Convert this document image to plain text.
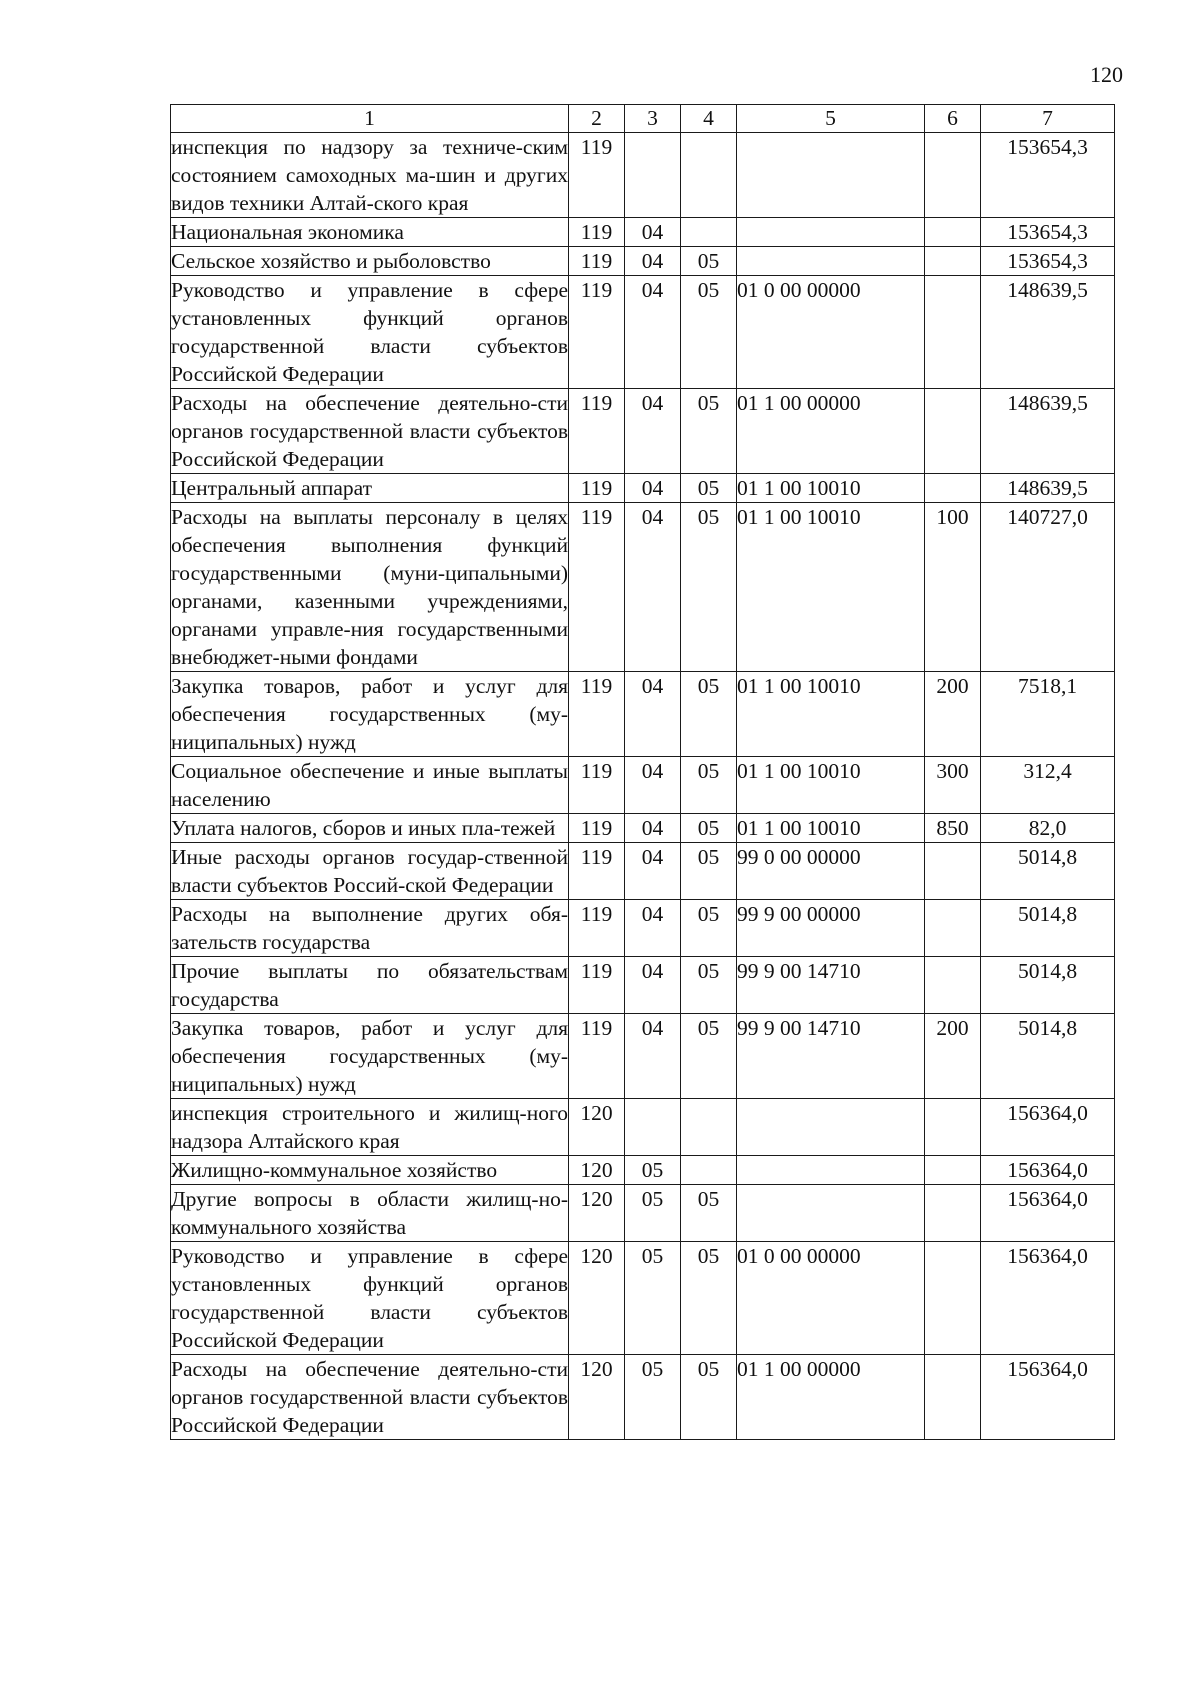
120
1	2	3	4	5	6	7
инспекция по надзору за техниче-ским состоянием самоходных ма-шин и других видов техники Алтай-ского края	119					153654,3
Национальная экономика	119	04				153654,3
Сельское хозяйство и рыболовство	119	04	05			153654,3
Руководство и управление в сфере установленных функций органов государственной власти субъектов Российской Федерации	119	04	05	01 0 00 00000		148639,5
Расходы на обеспечение деятельно-сти органов государственной власти субъектов Российской Федерации	119	04	05	01 1 00 00000		148639,5
Центральный аппарат	119	04	05	01 1 00 10010		148639,5
Расходы на выплаты персоналу в целях обеспечения выполнения функций государственными (муни-ципальными) органами, казенными учреждениями, органами управле-ния государственными внебюджет-ными фондами	119	04	05	01 1 00 10010	100	140727,0
Закупка товаров, работ и услуг для обеспечения государственных (му-ниципальных) нужд	119	04	05	01 1 00 10010	200	7518,1
Социальное обеспечение и иные выплаты населению	119	04	05	01 1 00 10010	300	312,4
Уплата налогов, сборов и иных пла-тежей	119	04	05	01 1 00 10010	850	82,0
Иные расходы органов государ-ственной власти субъектов Россий-ской Федерации	119	04	05	99 0 00 00000		5014,8
Расходы на выполнение других обя-зательств государства	119	04	05	99 9 00 00000		5014,8
Прочие выплаты по обязательствам государства	119	04	05	99 9 00 14710		5014,8
Закупка товаров, работ и услуг для обеспечения государственных (му-ниципальных) нужд	119	04	05	99 9 00 14710	200	5014,8
инспекция строительного и жилищ-ного надзора Алтайского края	120					156364,0
Жилищно-коммунальное хозяйство	120	05				156364,0
Другие вопросы в области жилищ-но-коммунального хозяйства	120	05	05			156364,0
Руководство и управление в сфере установленных функций органов государственной власти субъектов Российской Федерации	120	05	05	01 0 00 00000		156364,0
Расходы на обеспечение деятельно-сти органов государственной власти субъектов Российской Федерации	120	05	05	01 1 00 00000		156364,0
